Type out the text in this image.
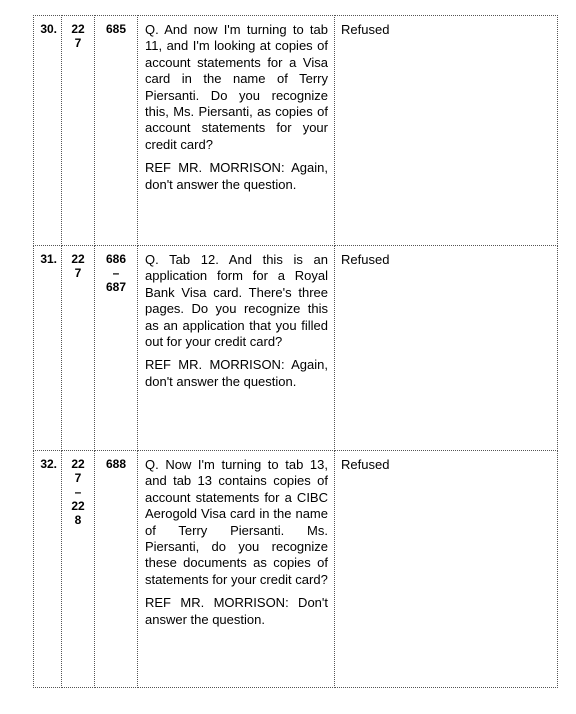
30.	227	685	Q. And now I'm turning to tab 11, and I'm looking at copies of account statements for a Visa card in the name of Terry Piersanti. Do you recognize this, Ms. Piersanti, as copies of account statements for your credit card?

REF MR. MORRISON: Again, don't answer the question.	Refused
31.	227	686 – 687	Q. Tab 12. And this is an application form for a Royal Bank Visa card. There's three pages. Do you recognize this as an application that you filled out for your credit card?

REF MR. MORRISON: Again, don't answer the question.	Refused
32.	227 – 228	688	Q. Now I'm turning to tab 13, and tab 13 contains copies of account statements for a CIBC Aerogold Visa card in the name of Terry Piersanti. Ms. Piersanti, do you recognize these documents as copies of statements for your credit card?

REF MR. MORRISON: Don't answer the question.	Refused
